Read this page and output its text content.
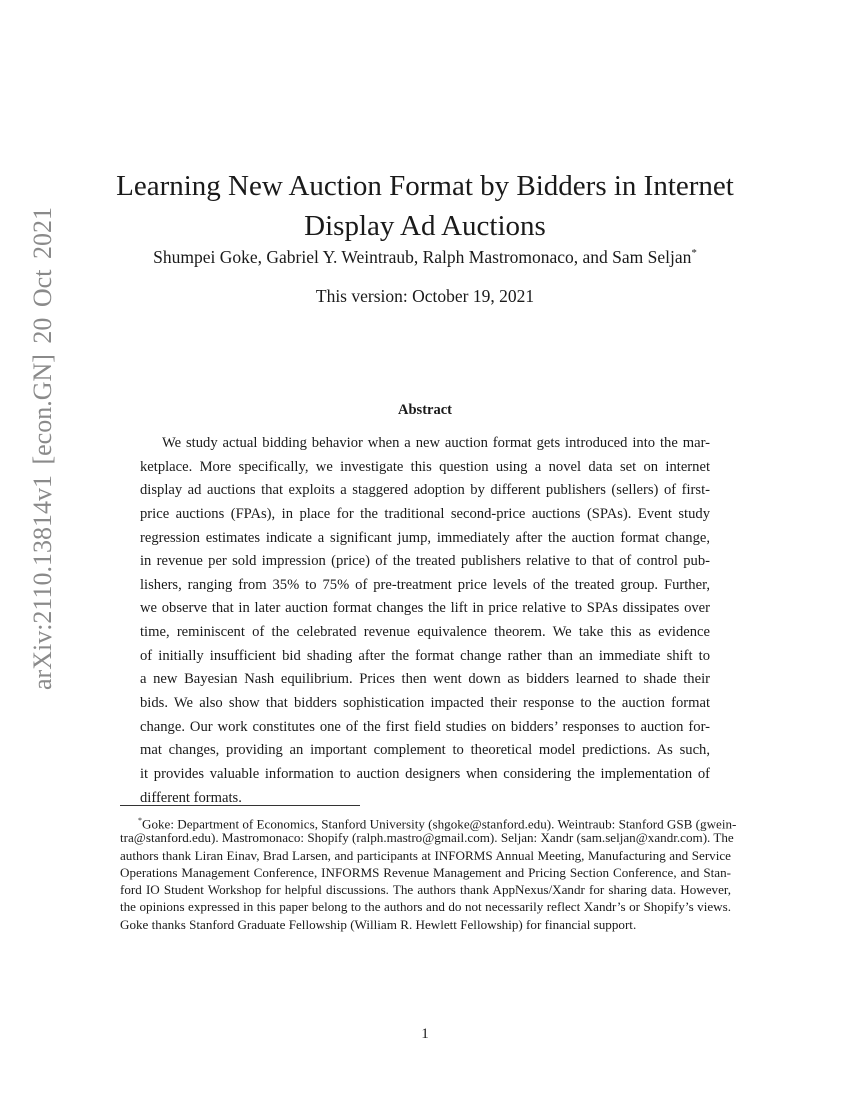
arXiv:2110.13814v1 [econ.GN] 20 Oct 2021
Learning New Auction Format by Bidders in Internet
Display Ad Auctions
Shumpei Goke, Gabriel Y. Weintraub, Ralph Mastromonaco, and Sam Seljan*
This version: October 19, 2021
Abstract
We study actual bidding behavior when a new auction format gets introduced into the mar-
ketplace. More specifically, we investigate this question using a novel data set on internet
display ad auctions that exploits a staggered adoption by different publishers (sellers) of first-
price auctions (FPAs), in place for the traditional second-price auctions (SPAs). Event study
regression estimates indicate a significant jump, immediately after the auction format change,
in revenue per sold impression (price) of the treated publishers relative to that of control pub-
lishers, ranging from 35% to 75% of pre-treatment price levels of the treated group. Further,
we observe that in later auction format changes the lift in price relative to SPAs dissipates over
time, reminiscent of the celebrated revenue equivalence theorem. We take this as evidence
of initially insufficient bid shading after the format change rather than an immediate shift to
a new Bayesian Nash equilibrium. Prices then went down as bidders learned to shade their
bids. We also show that bidders sophistication impacted their response to the auction format
change. Our work constitutes one of the first field studies on bidders’ responses to auction for-
mat changes, providing an important complement to theoretical model predictions. As such,
it provides valuable information to auction designers when considering the implementation of
different formats.
*Goke: Department of Economics, Stanford University (shgoke@stanford.edu). Weintraub: Stanford GSB (gwein-
tra@stanford.edu). Mastromonaco: Shopify (ralph.mastro@gmail.com). Seljan: Xandr (sam.seljan@xandr.com). The
authors thank Liran Einav, Brad Larsen, and participants at INFORMS Annual Meeting, Manufacturing and Service
Operations Management Conference, INFORMS Revenue Management and Pricing Section Conference, and Stan-
ford IO Student Workshop for helpful discussions. The authors thank AppNexus/Xandr for sharing data. However,
the opinions expressed in this paper belong to the authors and do not necessarily reflect Xandr’s or Shopify’s views.
Goke thanks Stanford Graduate Fellowship (William R. Hewlett Fellowship) for financial support.
1
